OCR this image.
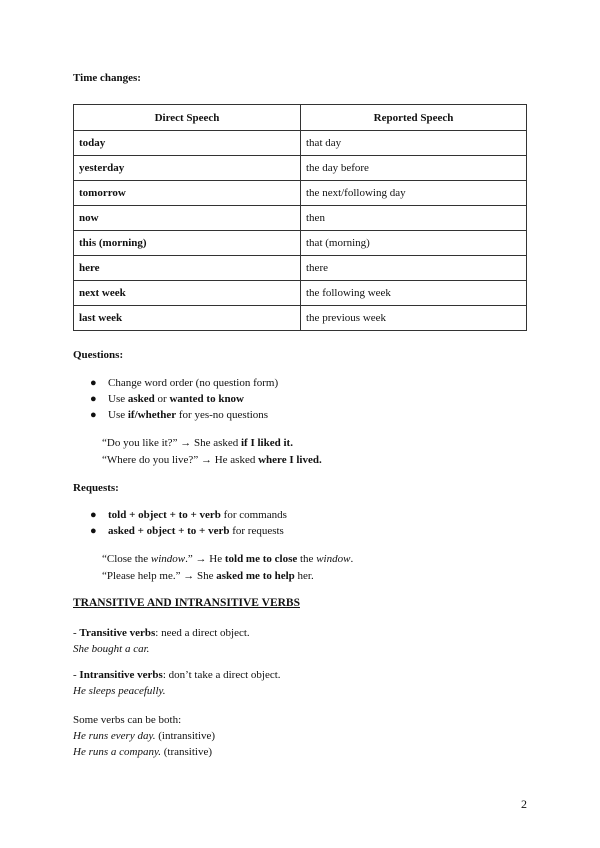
Time changes:
Direct Speech	Reported Speech
today	that day
yesterday	the day before
tomorrow	the next/following day
now	then
this (morning)	that (morning)
here	there
next week	the following week
last week	the previous week
Questions:
● Change word order (no question form)
● Use asked or wanted to know
● Use if/whether for yes-no questions
“Do you like it?” → She asked if I liked it.
“Where do you live?” → He asked where I lived.
Requests:
● told + object + to + verb for commands
● asked + object + to + verb for requests
“Close the window.” → He told me to close the window.
“Please help me.” → She asked me to help her.
TRANSITIVE AND INTRANSITIVE VERBS
- Transitive verbs: need a direct object.
She bought a car.
- Intransitive verbs: don’t take a direct object.
He sleeps peacefully.
Some verbs can be both:
He runs every day. (intransitive)
He runs a company. (transitive)
2
